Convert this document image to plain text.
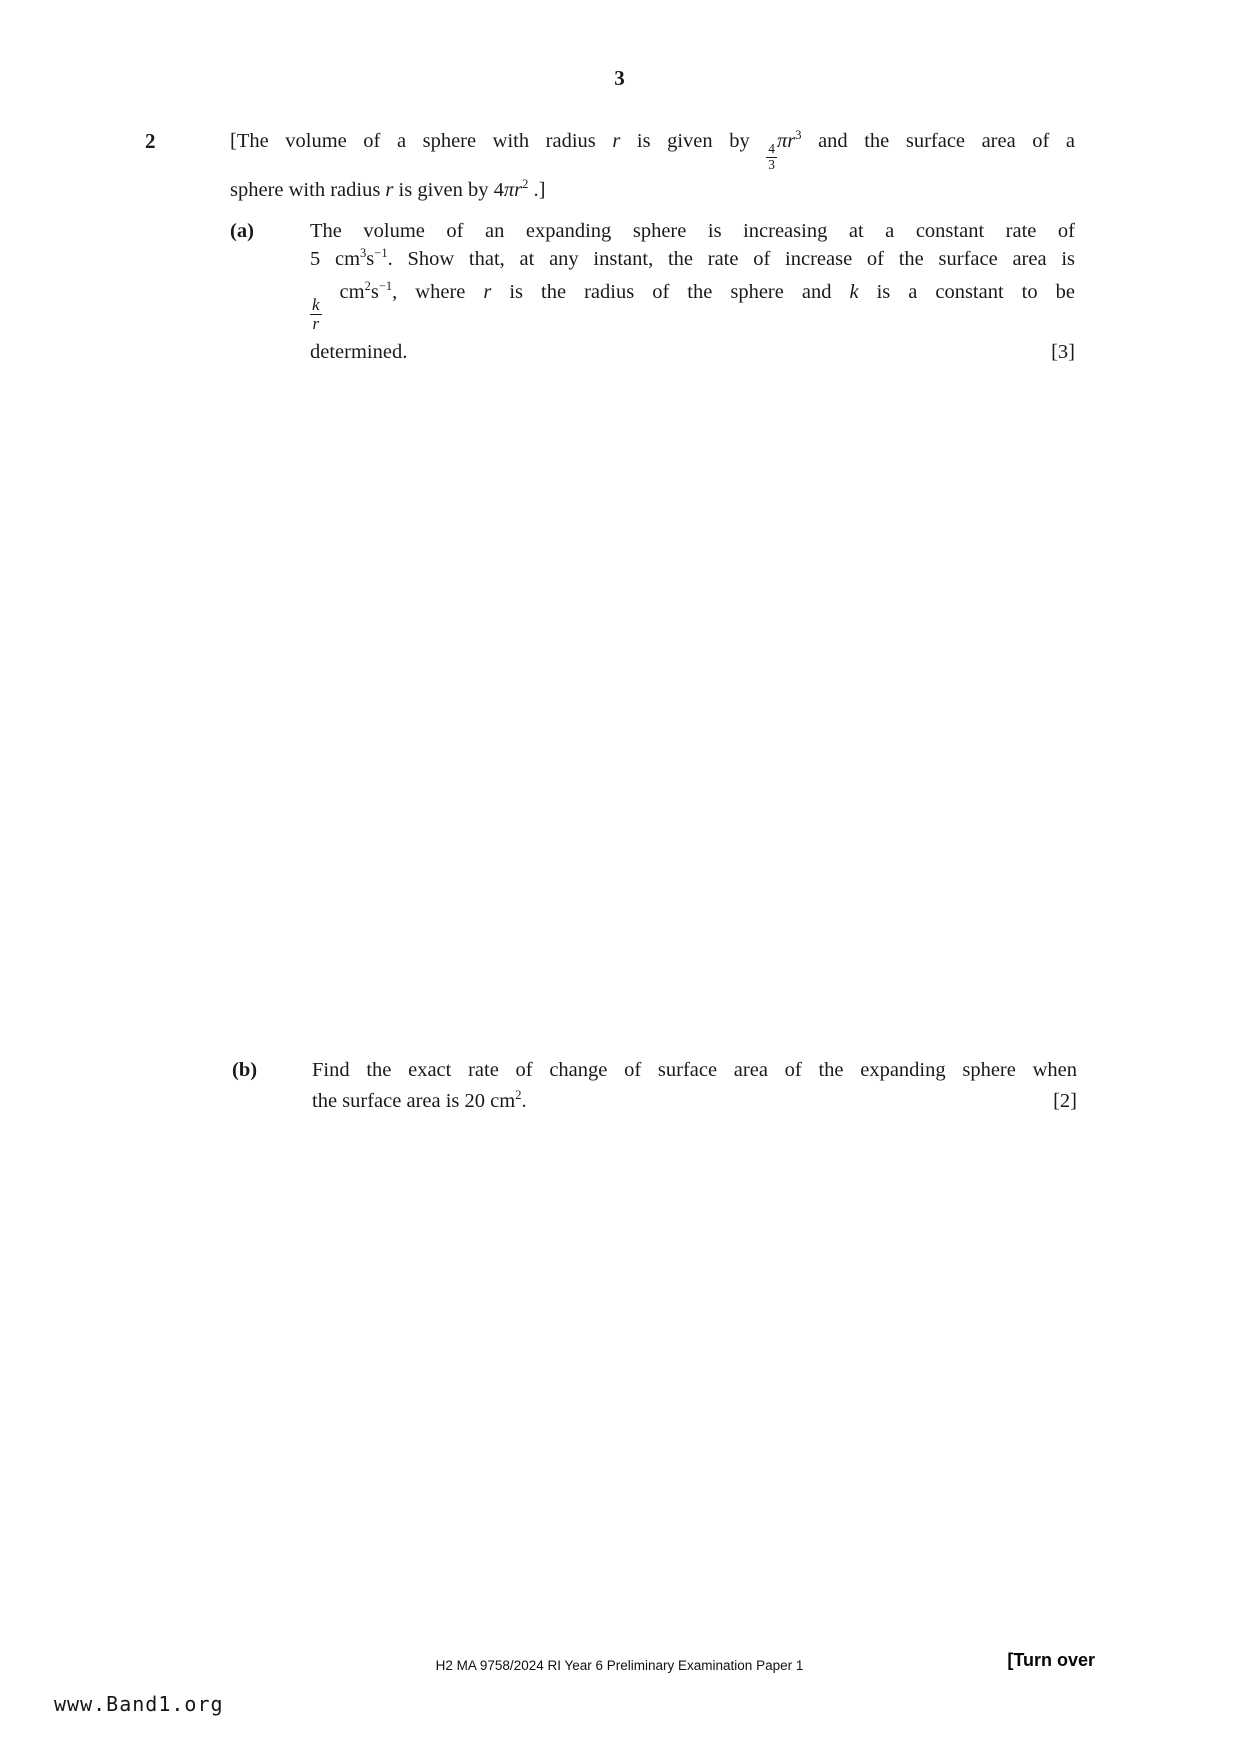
3
2	[The volume of a sphere with radius r is given by
$\frac{4}{3}$
$\pi r^3$ and the surface area of a
sphere with radius r is given by $4\pi r^2$ .]
(a)	The volume of an expanding sphere is increasing at a constant rate of
5 $cm^3s^{-1}$. Show that, at any instant, the rate of increase of the surface area is
$\frac{k}{r}$
$cm^2s^{-1}$, where r is the radius of the sphere and k is a constant to be
determined.	[3]
(b)	Find the exact rate of change of surface area of the expanding sphere when
the surface area is 20 $cm^2$.	[2]
H2 MA 9758/2024 RI Year 6 Preliminary Examination Paper 1	[Turn over
www.Band1.org
